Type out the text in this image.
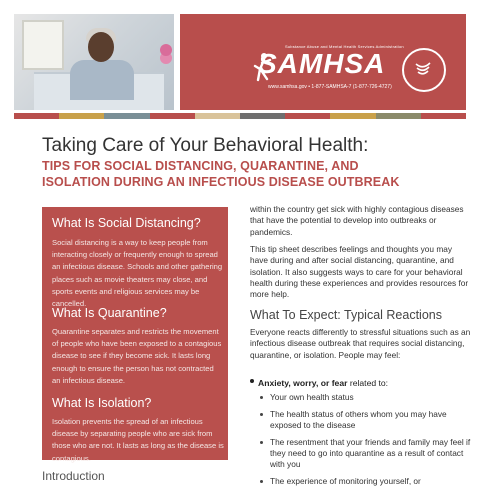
Substance Abuse and Mental Health Services Administration
SAMHSA
www.samhsa.gov • 1-877-SAMHSA-7 (1-877-726-4727)
Taking Care of Your Behavioral Health:
TIPS FOR SOCIAL DISTANCING, QUARANTINE, AND ISOLATION DURING AN INFECTIOUS DISEASE OUTBREAK
What Is Social Distancing?

Social distancing is a way to keep people from interacting closely or frequently enough to spread an infectious disease. Schools and other gathering places such as movie theaters may close, and sports events and religious services may be cancelled.

What Is Quarantine?

Quarantine separates and restricts the movement of people who have been exposed to a contagious disease to see if they become sick. It lasts long enough to ensure the person has not contracted an infectious disease.

What Is Isolation?

Isolation prevents the spread of an infectious disease by separating people who are sick from those who are not. It lasts as long as the disease is contagious.

Introduction
within the country get sick with highly contagious diseases that have the potential to develop into outbreaks or pandemics.
This tip sheet describes feelings and thoughts you may have during and after social distancing, quarantine, and isolation. It also suggests ways to care for your behavioral health during these experiences and provides resources for more help.
What To Expect: Typical Reactions
Everyone reacts differently to stressful situations such as an infectious disease outbreak that requires social distancing, quarantine, or isolation. People may feel:
Anxiety, worry, or fear related to:
Your own health status
The health status of others whom you may have exposed to the disease
The resentment that your friends and family may feel if they need to go into quarantine as a result of contact with you
The experience of monitoring yourself, or
